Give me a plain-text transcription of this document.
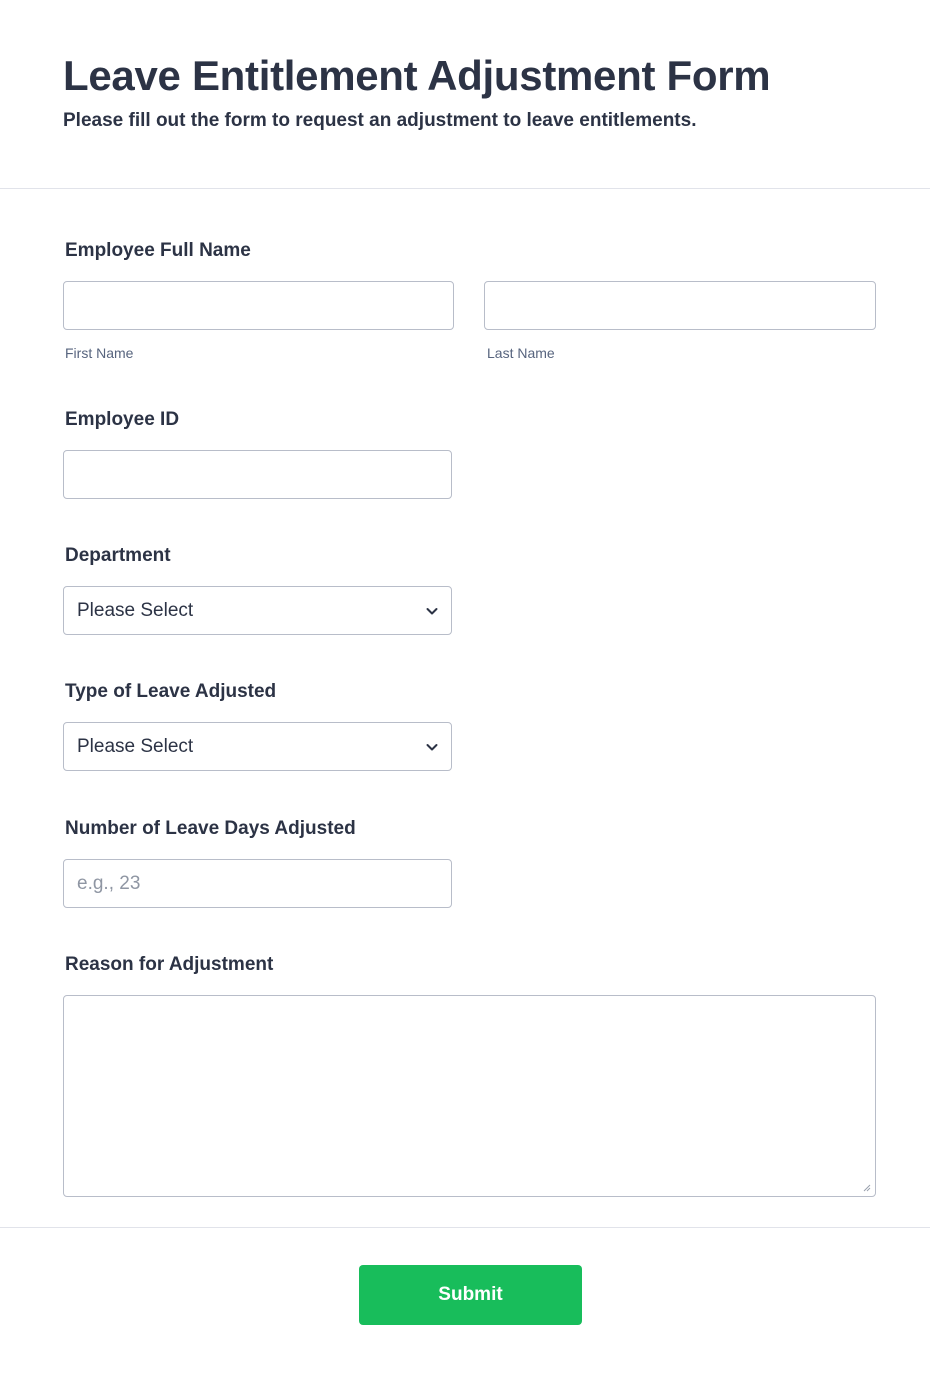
Leave Entitlement Adjustment Form

Please fill out the form to request an adjustment to leave entitlements.

Employee Full Name
First Name	Last Name
Employee ID
Department
Please Select
Type of Leave Adjusted
Please Select
Number of Leave Days Adjusted
e.g., 23
Reason for Adjustment
Submit
